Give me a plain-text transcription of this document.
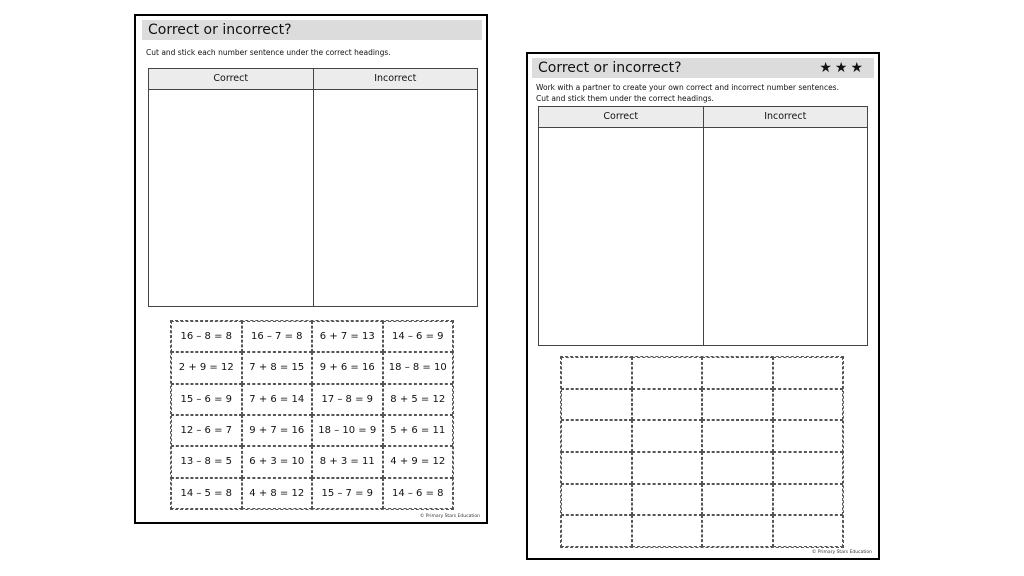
Correct or incorrect?
Cut and stick each number sentence under the correct headings.
Correct	Incorrect
16 – 8 = 8	16 – 7 = 8	6 + 7 = 13	14 – 6 = 9
2 + 9 = 12	7 + 8 = 15	9 + 6 = 16	18 – 8 = 10
15 – 6 = 9	7 + 6 = 14	17 – 8 = 9	8 + 5 = 12
12 – 6 = 7	9 + 7 = 16	18 – 10 = 9	5 + 6 = 11
13 – 8 = 5	6 + 3 = 10	8 + 3 = 11	4 + 9 = 12
14 – 5 = 8	4 + 8 = 12	15 – 7 = 9	14 – 6 = 8
© Primary Stars Education
Correct or incorrect?	★★★
Work with a partner to create your own correct and incorrect number sentences.
Cut and stick them under the correct headings.
Correct	Incorrect
© Primary Stars Education
